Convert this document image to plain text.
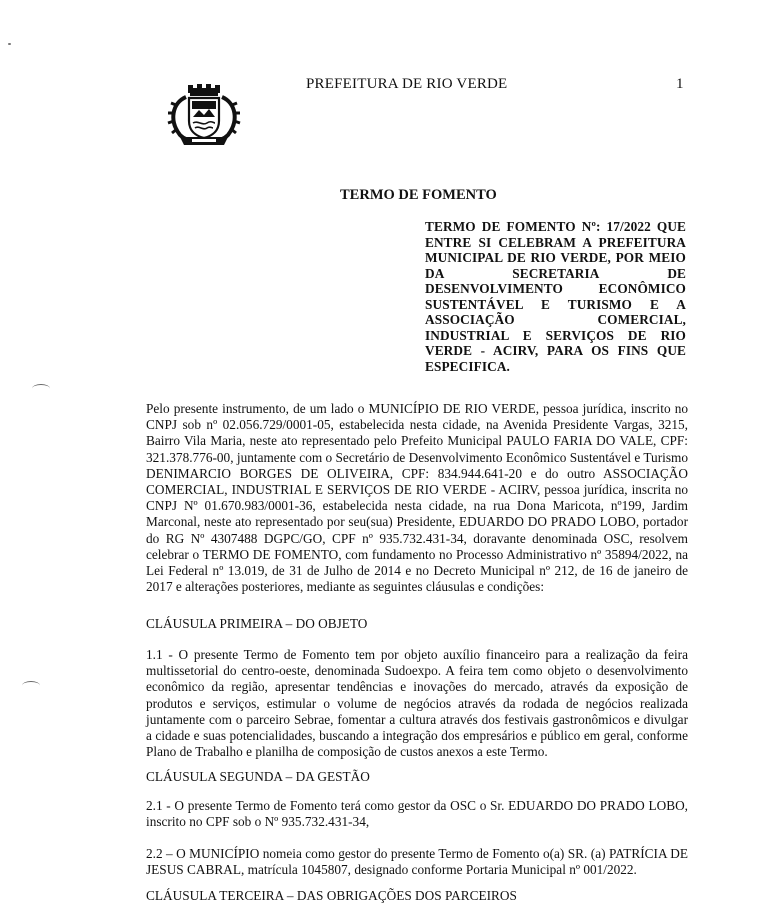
PREFEITURA DE RIO VERDE	1
TERMO DE FOMENTO
TERMO DE FOMENTO Nº: 17/2022 QUE ENTRE SI CELEBRAM A PREFEITURA MUNICIPAL DE RIO VERDE, POR MEIO DA SECRETARIA DE DESENVOLVIMENTO ECONÔMICO SUSTENTÁVEL E TURISMO E A ASSOCIAÇÃO COMERCIAL, INDUSTRIAL E SERVIÇOS DE RIO VERDE - ACIRV, PARA OS FINS QUE ESPECIFICA.
Pelo presente instrumento, de um lado o MUNICÍPIO DE RIO VERDE, pessoa jurídica, inscrito no CNPJ sob nº 02.056.729/0001-05, estabelecida nesta cidade, na Avenida Presidente Vargas, 3215, Bairro Vila Maria, neste ato representado pelo Prefeito Municipal PAULO FARIA DO VALE, CPF: 321.378.776-00, juntamente com o Secretário de Desenvolvimento Econômico Sustentável e Turismo DENIMARCIO BORGES DE OLIVEIRA, CPF: 834.944.641-20 e do outro ASSOCIAÇÃO COMERCIAL, INDUSTRIAL E SERVIÇOS DE RIO VERDE - ACIRV, pessoa jurídica, inscrita no CNPJ Nº 01.670.983/0001-36, estabelecida nesta cidade, na rua Dona Maricota, nº199, Jardim Marconal, neste ato representado por seu(sua) Presidente, EDUARDO DO PRADO LOBO, portador do RG Nº 4307488 DGPC/GO, CPF nº 935.732.431-34, doravante denominada OSC, resolvem celebrar o TERMO DE FOMENTO, com fundamento no Processo Administrativo nº 35894/2022, na Lei Federal nº 13.019, de 31 de Julho de 2014 e no Decreto Municipal nº 212, de 16 de janeiro de 2017 e alterações posteriores, mediante as seguintes cláusulas e condições:
CLÁUSULA PRIMEIRA – DO OBJETO
1.1 - O presente Termo de Fomento tem por objeto auxílio financeiro para a realização da feira multissetorial do centro-oeste, denominada Sudoexpo. A feira tem como objeto o desenvolvimento econômico da região, apresentar tendências e inovações do mercado, através da exposição de produtos e serviços, estimular o volume de negócios através da rodada de negócios realizada juntamente com o parceiro Sebrae, fomentar a cultura através dos festivais gastronômicos e divulgar a cidade e suas potencialidades, buscando a integração dos empresários e público em geral, conforme Plano de Trabalho e planilha de composição de custos anexos a este Termo.
CLÁUSULA SEGUNDA – DA GESTÃO
2.1 - O presente Termo de Fomento terá como gestor da OSC o Sr. EDUARDO DO PRADO LOBO, inscrito no CPF sob o Nº 935.732.431-34,
2.2 – O MUNICÍPIO nomeia como gestor do presente Termo de Fomento o(a) SR. (a) PATRÍCIA DE JESUS CABRAL, matrícula 1045807, designado conforme Portaria Municipal nº 001/2022.
CLÁUSULA TERCEIRA – DAS OBRIGAÇÕES DOS PARCEIROS
